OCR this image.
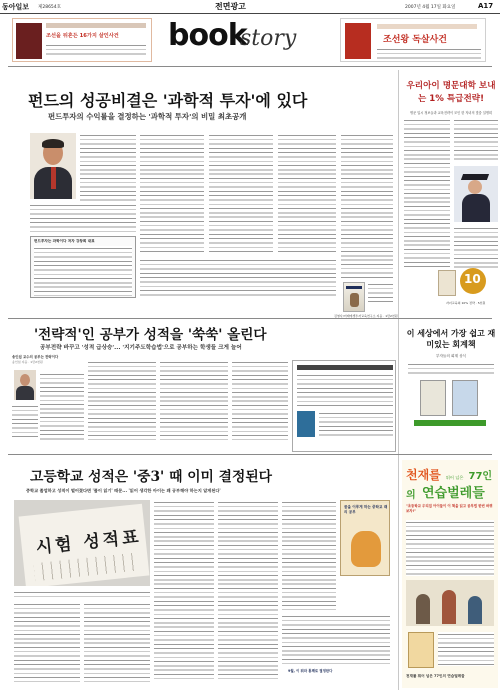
동아일보 제28654호	전면광고	2007년 4월 17일 화요일	A17
조선을 뒤흔든 16가지 살인사건 book
story	조선왕 독살사건
펀드의 성공비결은 '과학적 투자'에 있다
펀드투자의 수익률을 결정하는 '과학적 투자'의 비밀 최초공개
펀드투자는 과학이다 저자 강창희 대표
김영사/미래에셋투자교육연구소 지음 · 1만2천원
우리아이 명문대학 보내는 1% 특급전략!
명문 입시 정보들과 교육전략이 모인 한 자녀의 맞춤 설명회
10
자녀교육의 10% 전략 · 5천원
'전략적'인 공부가 성적을 '쑥쑥' 올린다
공부전략 바꾸고 '성적 급상승'... '지기주도학습법'으로 공부하는 학생들 크게 늘어
송인섭 교수의 공부는 전략이다
송인섭 지음 · 1만2천원
이 세상에서 가장 쉽고 재미있는 회계책
부자들의 회계 상식
고등학교 성적은 '중3' 때 이미 결정된다
중학교 졸업하고 성적이 떨어졌다면 '풀이 읽기' 때문... '읽어 생각한 아이는 왜 공부해야 하는지 알게된다'
시험 성적표
꿈을 이루게 하는 중학교 때의 공부
9월, 이 뭐라 통째로 결정한다
천재를 뛰어 넘은 77인의 연습벌레들
"초등학교 우리집 아이들이 이 책을 읽고 공부법 한번 바꿔보자!"
천재를 뛰어 넘은 77인의 연습벌레들
